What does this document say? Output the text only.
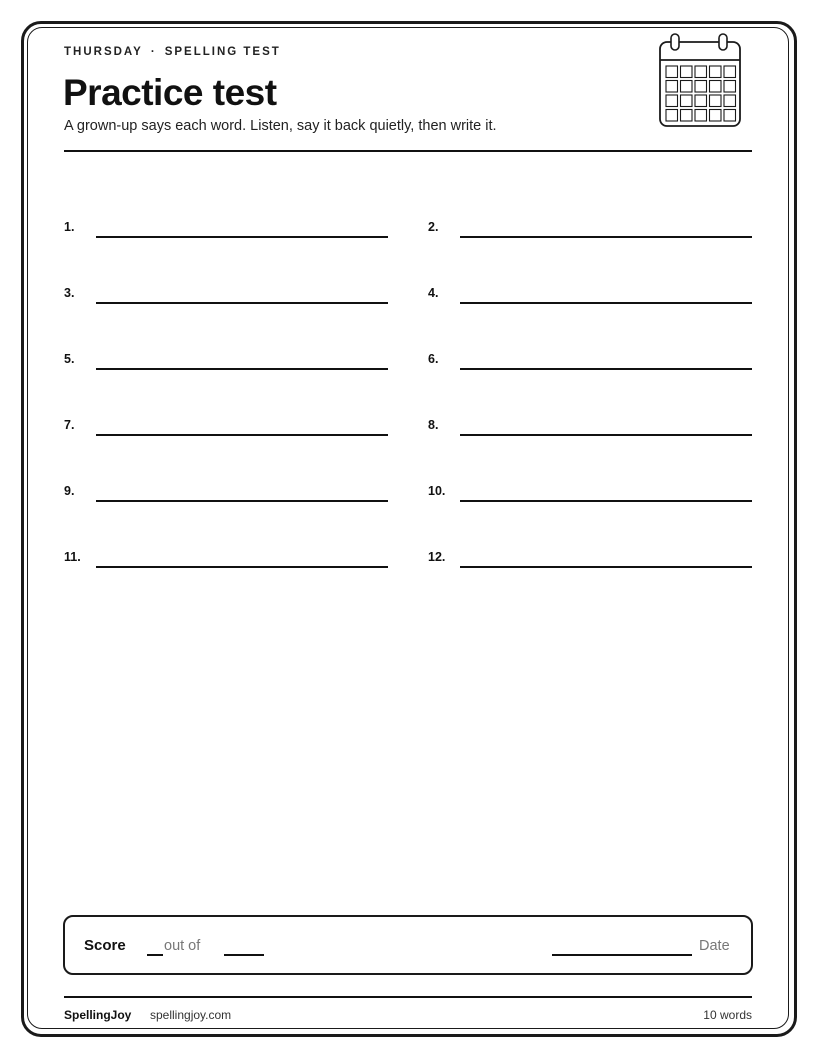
THURSDAY · SPELLING TEST
Practice test
A grown-up says each word. Listen, say it back quietly, then write it.
1.	2.
3.	4.
5.	6.
7.	8.
9.	10.
11.	12.
Score	out of	Date
SpellingJoy spellingjoy.com	10 words
